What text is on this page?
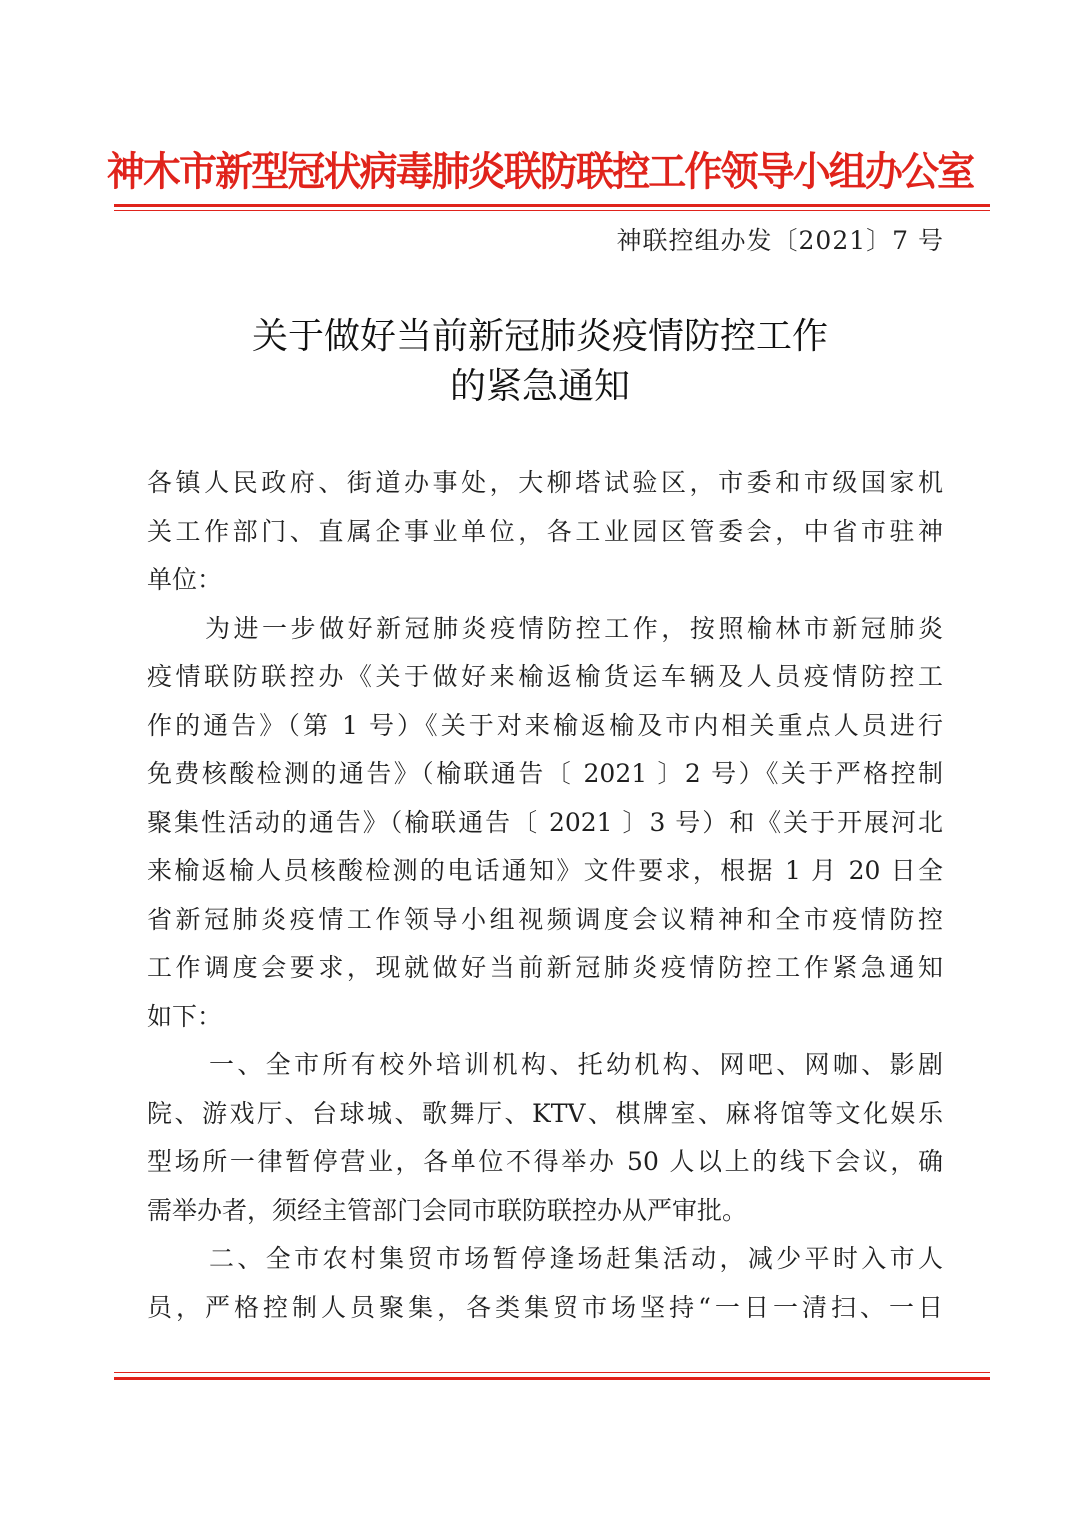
神木市新型冠状病毒肺炎联防联控工作领导小组办公室
神联控组办发〔2021〕7 号
关于做好当前新冠肺炎疫情防控工作
的紧急通知
各镇人民政府、街道办事处，大柳塔试验区，市委和市级国家机
关工作部门、直属企事业单位，各工业园区管委会，中省市驻神
单位：
为进一步做好新冠肺炎疫情防控工作，按照榆林市新冠肺炎
疫情联防联控办《关于做好来榆返榆货运车辆及人员疫情防控工
作的通告》（第 1 号）《关于对来榆返榆及市内相关重点人员进行
免费核酸检测的通告》（榆联通告〔 2021 〕2 号）《关于严格控制
聚集性活动的通告》（榆联通告〔 2021 〕3 号）和《关于开展河北
来榆返榆人员核酸检测的电话通知》文件要求，根据 1 月 20 日全
省新冠肺炎疫情工作领导小组视频调度会议精神和全市疫情防控
工作调度会要求，现就做好当前新冠肺炎疫情防控工作紧急通知
如下：
一、全市所有校外培训机构、托幼机构、网吧、网咖、影剧
院、游戏厅、台球城、歌舞厅、KTV、棋牌室、麻将馆等文化娱乐
型场所一律暂停营业，各单位不得举办 50 人以上的线下会议，确
需举办者，须经主管部门会同市联防联控办从严审批。
二、全市农村集贸市场暂停逢场赶集活动，减少平时入市人
员，严格控制人员聚集，各类集贸市场坚持“一日一清扫、一日
